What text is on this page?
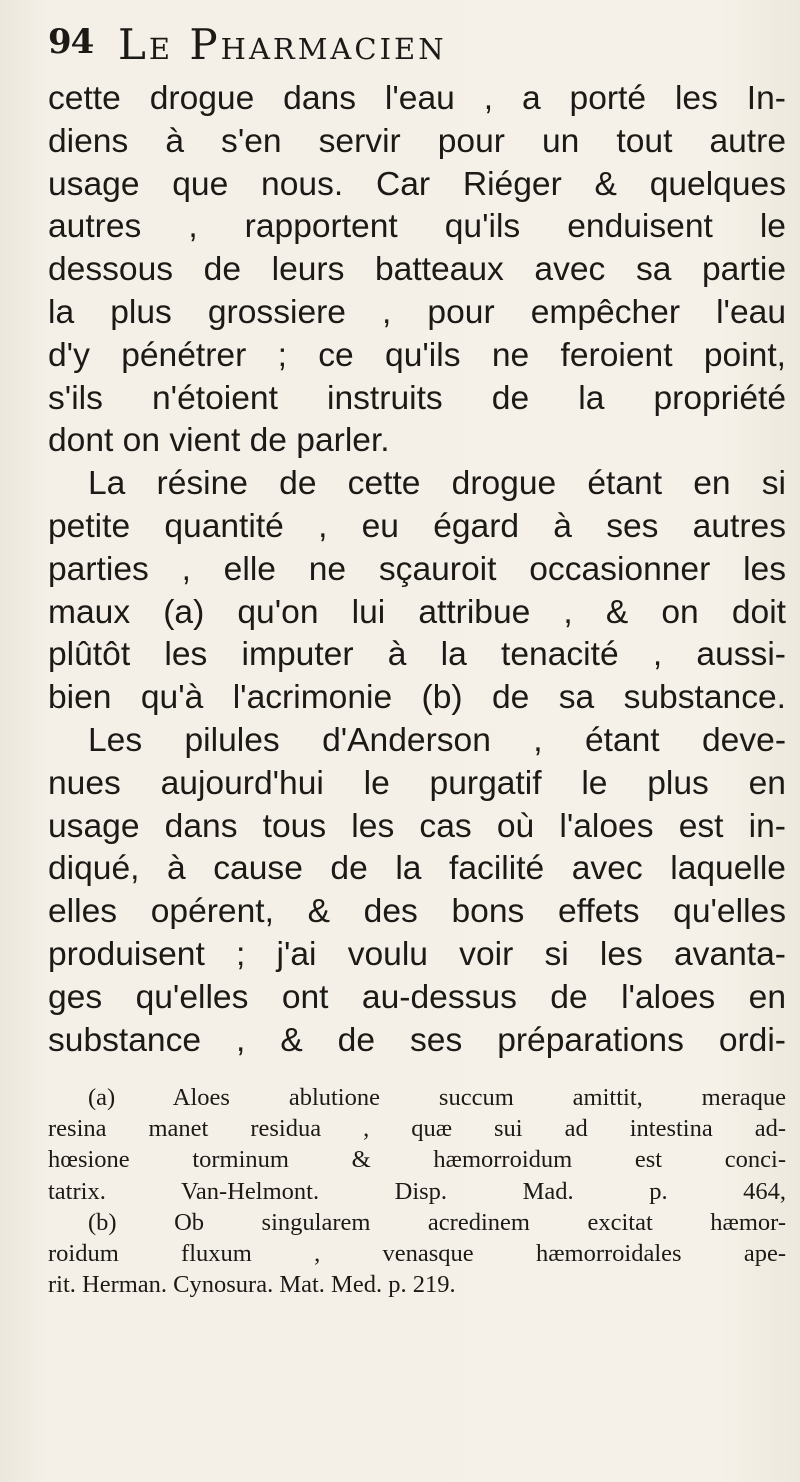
94 Le Pharmacien
cette drogue dans l'eau , a porté les In-
diens à s'en servir pour un tout autre
usage que nous. Car Riéger & quelques
autres , rapportent qu'ils enduisent le
dessous de leurs batteaux avec sa partie
la plus grossiere , pour empêcher l'eau
d'y pénétrer ; ce qu'ils ne feroient point,
s'ils n'étoient instruits de la propriété
dont on vient de parler.
La résine de cette drogue étant en si
petite quantité , eu égard à ses autres
parties , elle ne sçauroit occasionner les
maux (a) qu'on lui attribue , & on doit
plûtôt les imputer à la tenacité , aussi-
bien qu'à l'acrimonie (b) de sa substance.
Les pilules d'Anderson , étant deve-
nues aujourd'hui le purgatif le plus en
usage dans tous les cas où l'aloes est in-
diqué, à cause de la facilité avec laquelle
elles opérent, & des bons effets qu'elles
produisent ; j'ai voulu voir si les avanta-
ges qu'elles ont au-dessus de l'aloes en
substance , & de ses préparations ordi-
(a) Aloes ablutione succum amittit, meraque
resina manet residua , quæ sui ad intestina ad-
hœsione torminum & hæmorroidum est conci-
tatrix. Van-Helmont. Disp. Mad. p. 464,
(b) Ob singularem acredinem excitat hæmor-
roidum fluxum , venasque hæmorroidales ape-
rit. Herman. Cynosura. Mat. Med. p. 219.
